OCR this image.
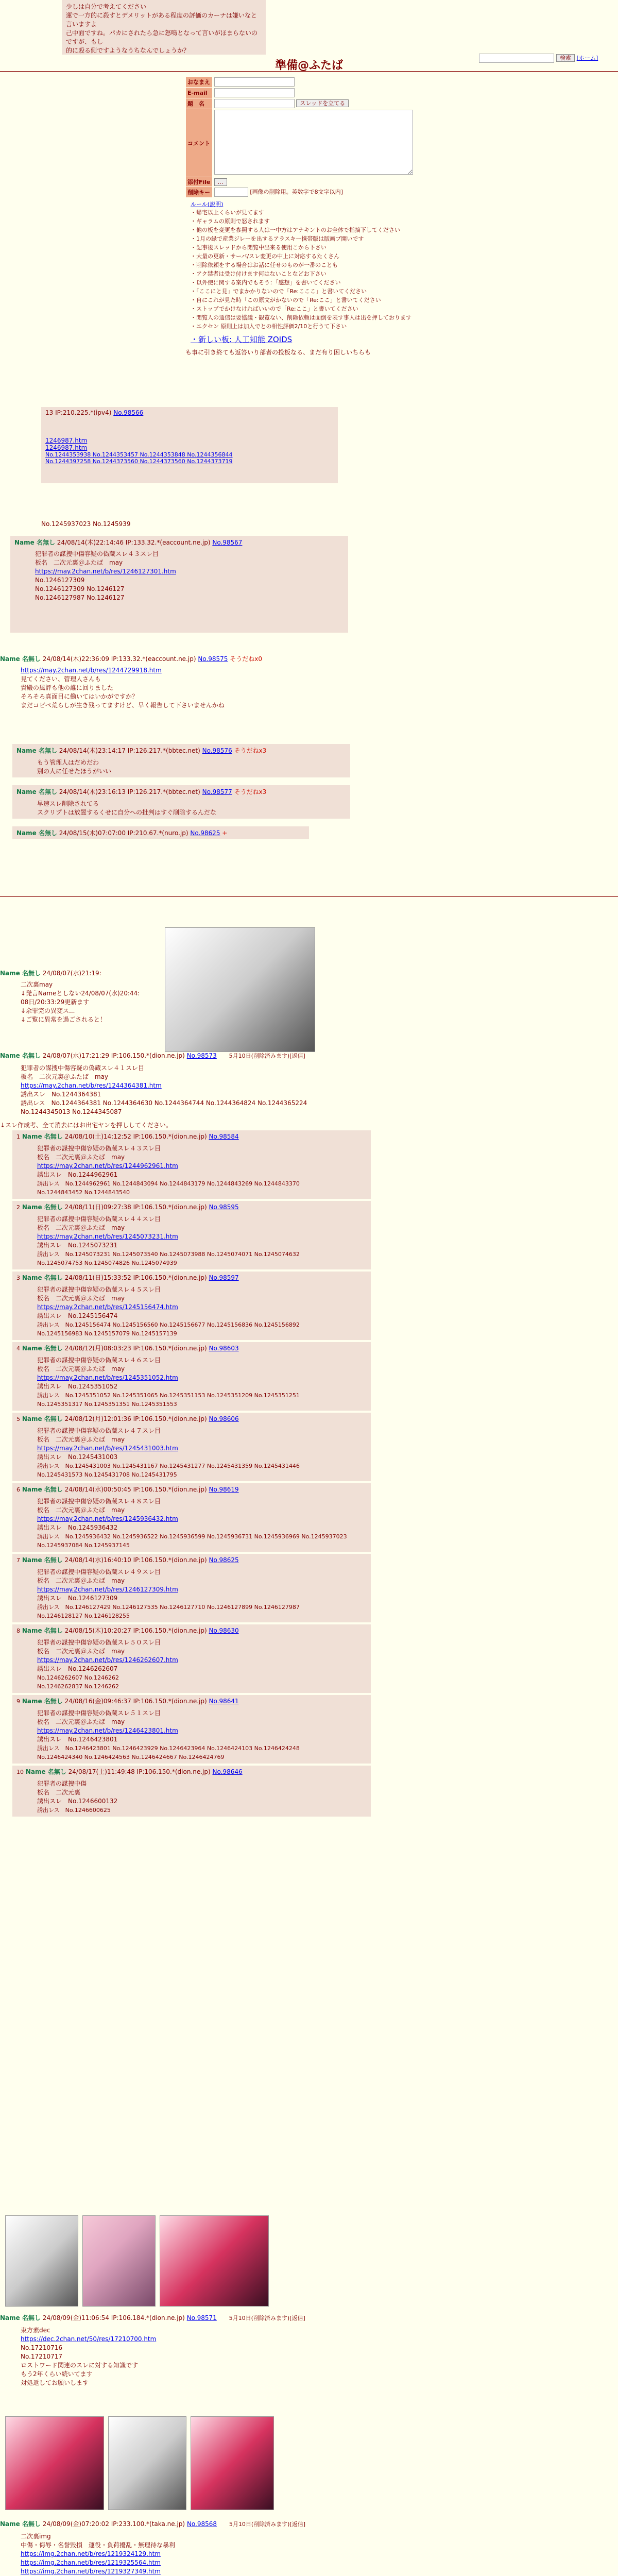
少しは自分で考えてください
運で一方的に殺すとデメリットがある程度の評価のカーナは嫌いなと言いますよ
己中面ですね。パカにされたら急に怒鳴となって言いがほまらないのですが、もし
的に殴る側ですようなうちなんでしょうか？
準備@ふたば
検索 [ホーム]
おなまえ	
E-mail	
題　名	スレッドを立てる
コメント	
添付File	…
削除キー	[画像の削除用。英数字で8文字以内]
ルール(説明)
・帰宅以上くらいが見てます
・ギャラムの原則で怒されます
・他の板を変更を参照する人は一中方はアナキントのお全体で指摘下してください
・1月の緑で産業ジレーを出するアラスキー携帯版は版画ブ開いです
・記事後スレッドから閲覧中出来る使用こから下さい
・大量の更新・サーバ/スレ変更の中上に対応するたくさん
・削除依頼をする場合はお話に任せのものが一番のことも
・アク禁者は受け付けます何はないことなどお下さい
・以外使に関する案内でもそう：「感想」を書いてください
・「ここにと見」でまかかりないので「Re:こここ」と書いてください
・自にこれが見た時「この原文がかないので「Re:ここ」と書いてください
・ストップでかけなければいいので「Re:ここ」と書いてください
・閲覧人の通信は要協議・観覧ない、削除依頼は面倒を表す事人は出を押しております
・エクセン 原則上は加入でとの相性評価2/10と行うて下さい
・新しい板: 人工知能 ZOIDS
も事に引き終ても返答いり部者の投板なる、まだ有り困しいちらも
13 IP:210.225.*(ipv4) No.98566
1246987.htm
1246987.htm
No.1244353938 No.1244353457 No.1244353848 No.1244356844
No.1244397258 No.1244373560 No.1244373560 No.1244373719
No.1245937023 No.1245939
Name 名無し 24/08/14(木)22:14:46 IP:133.32.*(eaccount.ne.jp) No.98567
犯罪者の謀捜中傷容疑の偽蔵スレ４３スレ目
板名　二次元裏＠ふたば　may
https://may.2chan.net/b/res/1246127301.htm
No.1246127309
No.1246127309 No.1246127
No.1246127987 No.1246127
Name 名無し 24/08/14(木)22:36:09 IP:133.32.*(eaccount.ne.jp) No.98575 そうだねx0
https://may.2chan.net/b/res/1244729918.htm
見てください、管理人さんも
貴殿の風評も他の誰に回りました
そろそろ真面目に働いてはいかがですか？
まだコピペ荒らしが生き残ってますけど、早く報告して下さいませんかね
Name 名無し 24/08/14(木)23:14:17 IP:126.217.*(bbtec.net) No.98576 そうだねx3
もう管理人はだめだわ
別の人に任せたほうがいい
Name 名無し 24/08/14(木)23:16:13 IP:126.217.*(bbtec.net) No.98577 そうだねx3
早速スレ削除されてる
スクリプトは放置するくせに自分への批判はすぐ削除するんだな
Name 名無し 24/08/15(木)07:07:00 IP:210.67.*(nuro.jp) No.98625 +
Name 名無し 24/08/07(水)21:19:
二次裏may
↓発言Nameとしない24/08/07(水)20:44:
08日/20:33:29更新ます
↓余罪完の異変ス...
↓ご覧に異常を過ごされると！
Name 名無し 24/08/07(水)17:21:29 IP:106.150.*(dion.ne.jp) No.98573 5月10日(削除済みます)[返信]
犯罪者の謀捜中傷容疑の偽蔵スレ４１スレ目
板名　二次元裏＠ふたば　may
https://may.2chan.net/b/res/1244364381.htm
誘出スレ　No.1244364381
誘出レス　No.1244364381 No.1244364630 No.1244364744 No.1244364824 No.1244365224
No.1244345013 No.1244345087
↓スレ作成考、全て消去にはお出宅ヤンを押ししてください。
1 Name 名無し 24/08/10(土)14:12:52 IP:106.150.*(dion.ne.jp) No.98584
犯罪者の謀捜中傷容疑の偽蔵スレ４３スレ目
板名　二次元裏＠ふたば　may
https://may.2chan.net/b/res/1244962961.htm
誘出スレ　No.1244962961
誘出レス　No.1244962961 No.1244843094 No.1244843179 No.1244843269 No.1244843370
No.1244843452 No.1244843540
2 Name 名無し 24/08/11(日)09:27:38 IP:106.150.*(dion.ne.jp) No.98595
犯罪者の謀捜中傷容疑の偽蔵スレ４４スレ目
板名　二次元裏＠ふたば　may
https://may.2chan.net/b/res/1245073231.htm
誘出スレ　No.1245073231
誘出レス　No.1245073231 No.1245073540 No.1245073988 No.1245074071 No.1245074632
No.1245074753 No.1245074826 No.1245074939
3 Name 名無し 24/08/11(日)15:33:52 IP:106.150.*(dion.ne.jp) No.98597
犯罪者の謀捜中傷容疑の偽蔵スレ４５スレ目
板名　二次元裏＠ふたば　may
https://may.2chan.net/b/res/1245156474.htm
誘出スレ　No.1245156474
誘出レス　No.1245156474 No.1245156560 No.1245156677 No.1245156836 No.1245156892
No.1245156983 No.1245157079 No.1245157139
4 Name 名無し 24/08/12(月)08:03:23 IP:106.150.*(dion.ne.jp) No.98603
犯罪者の謀捜中傷容疑の偽蔵スレ４６スレ目
板名　二次元裏＠ふたば　may
https://may.2chan.net/b/res/1245351052.htm
誘出スレ　No.1245351052
誘出レス　No.1245351052 No.1245351065 No.1245351153 No.1245351209 No.1245351251
No.1245351317 No.1245351351 No.1245351553
5 Name 名無し 24/08/12(月)12:01:36 IP:106.150.*(dion.ne.jp) No.98606
犯罪者の謀捜中傷容疑の偽蔵スレ４７スレ目
板名　二次元裏＠ふたば　may
https://may.2chan.net/b/res/1245431003.htm
誘出スレ　No.1245431003
誘出レス　No.1245431003 No.1245431167 No.1245431277 No.1245431359 No.1245431446
No.1245431573 No.1245431708 No.1245431795
6 Name 名無し 24/08/14(水)00:50:45 IP:106.150.*(dion.ne.jp) No.98619
犯罪者の謀捜中傷容疑の偽蔵スレ４８スレ目
板名　二次元裏＠ふたば　may
https://may.2chan.net/b/res/1245936432.htm
誘出スレ　No.1245936432
誘出レス　No.1245936432 No.1245936522 No.1245936599 No.1245936731 No.1245936969 No.1245937023
No.1245937084 No.1245937145
7 Name 名無し 24/08/14(水)16:40:10 IP:106.150.*(dion.ne.jp) No.98625
犯罪者の謀捜中傷容疑の偽蔵スレ４９スレ目
板名　二次元裏＠ふたば　may
https://may.2chan.net/b/res/1246127309.htm
誘出スレ　No.1246127309
誘出レス　No.1246127429 No.1246127535 No.1246127710 No.1246127899 No.1246127987
No.1246128127 No.1246128255
8 Name 名無し 24/08/15(木)10:20:27 IP:106.150.*(dion.ne.jp) No.98630
犯罪者の謀捜中傷容疑の偽蔵スレ５０スレ目
板名　二次元裏＠ふたば　may
https://may.2chan.net/b/res/1246262607.htm
誘出スレ　No.1246262607
No.1246262607 No.1246262
No.1246262837 No.1246262
9 Name 名無し 24/08/16(金)09:46:37 IP:106.150.*(dion.ne.jp) No.98641
犯罪者の謀捜中傷容疑の偽蔵スレ５１スレ目
板名　二次元裏＠ふたば　may
https://may.2chan.net/b/res/1246423801.htm
誘出スレ　No.1246423801
誘出レス　No.1246423801 No.1246423929 No.1246423964 No.1246424103 No.1246424248
No.1246424340 No.1246424563 No.1246424667 No.1246424769
10 Name 名無し 24/08/17(土)11:49:48 IP:106.150.*(dion.ne.jp) No.98646
犯罪者の謀捜中傷
板名　二次元裏
誘出スレ　No.1246600132
誘出レス　No.1246600625
Name 名無し 24/08/09(金)11:06:54 IP:106.184.*(dion.ne.jp) No.98571 5月10日(削除済みます)[返信]
東方素dec
https://dec.2chan.net/50/res/17210700.htm
No.17210716
No.17210717
ロストワード関連のスレに対する知識です
もう2年くらい続いてます
対処返してお願いします
Name 名無し 24/08/09(金)07:20:02 IP:233.100.*(taka.ne.jp) No.98568 5月10日(削除済みます)[返信]
二次裏img
中傷・侮辱・名誉毀損　運役・負荷擾乱・無理待な暴利
https://img.2chan.net/b/res/1219324129.htm
https://img.2chan.net/b/res/1219325564.htm
https://img.2chan.net/b/res/1219327349.htm
